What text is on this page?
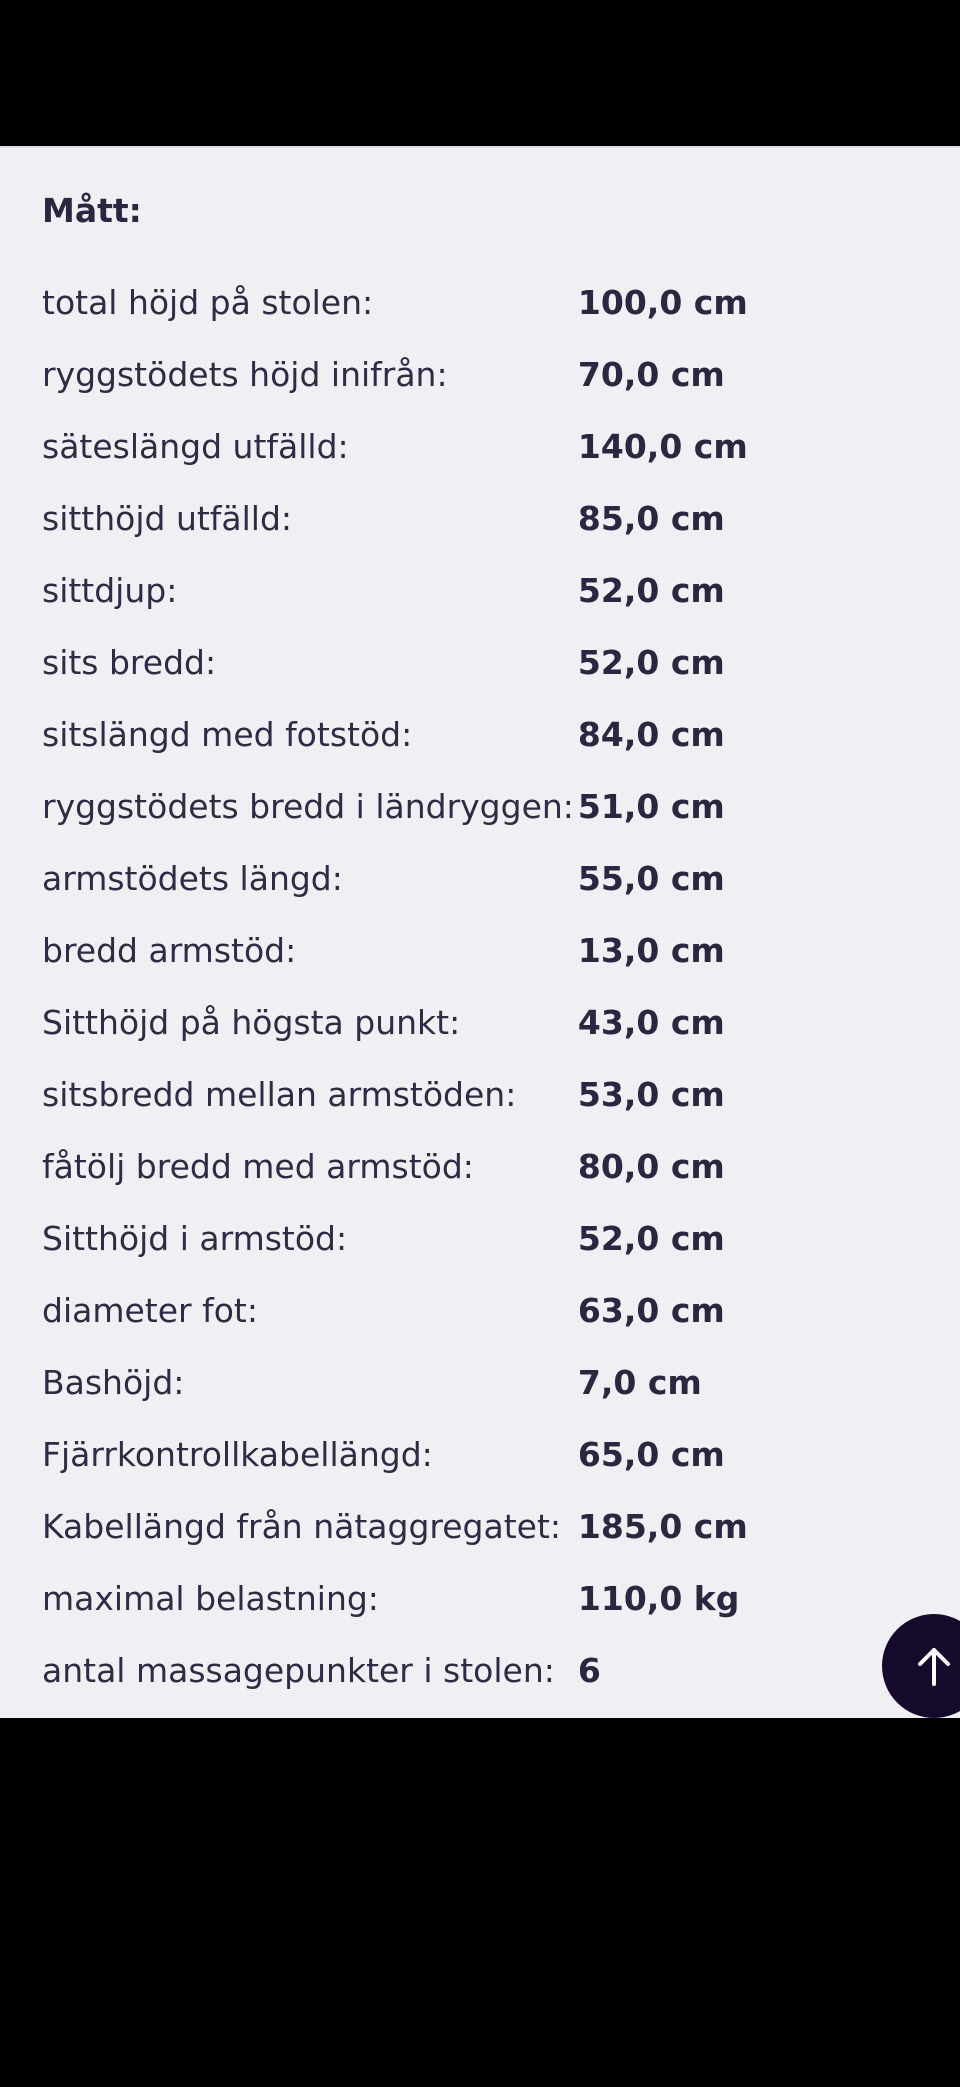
Mått:
total höjd på stolen:	100,0 cm
ryggstödets höjd inifrån:	70,0 cm
säteslängd utfälld:	140,0 cm
sitthöjd utfälld:	85,0 cm
sittdjup:	52,0 cm
sits bredd:	52,0 cm
sitslängd med fotstöd:	84,0 cm
ryggstödets bredd i ländryggen:	51,0 cm
armstödets längd:	55,0 cm
bredd armstöd:	13,0 cm
Sitthöjd på högsta punkt:	43,0 cm
sitsbredd mellan armstöden:	53,0 cm
fåtölj bredd med armstöd:	80,0 cm
Sitthöjd i armstöd:	52,0 cm
diameter fot:	63,0 cm
Bashöjd:	7,0 cm
Fjärrkontrollkabellängd:	65,0 cm
Kabellängd från nätaggregatet:	185,0 cm
maximal belastning:	110,0 kg
antal massagepunkter i stolen:	6
